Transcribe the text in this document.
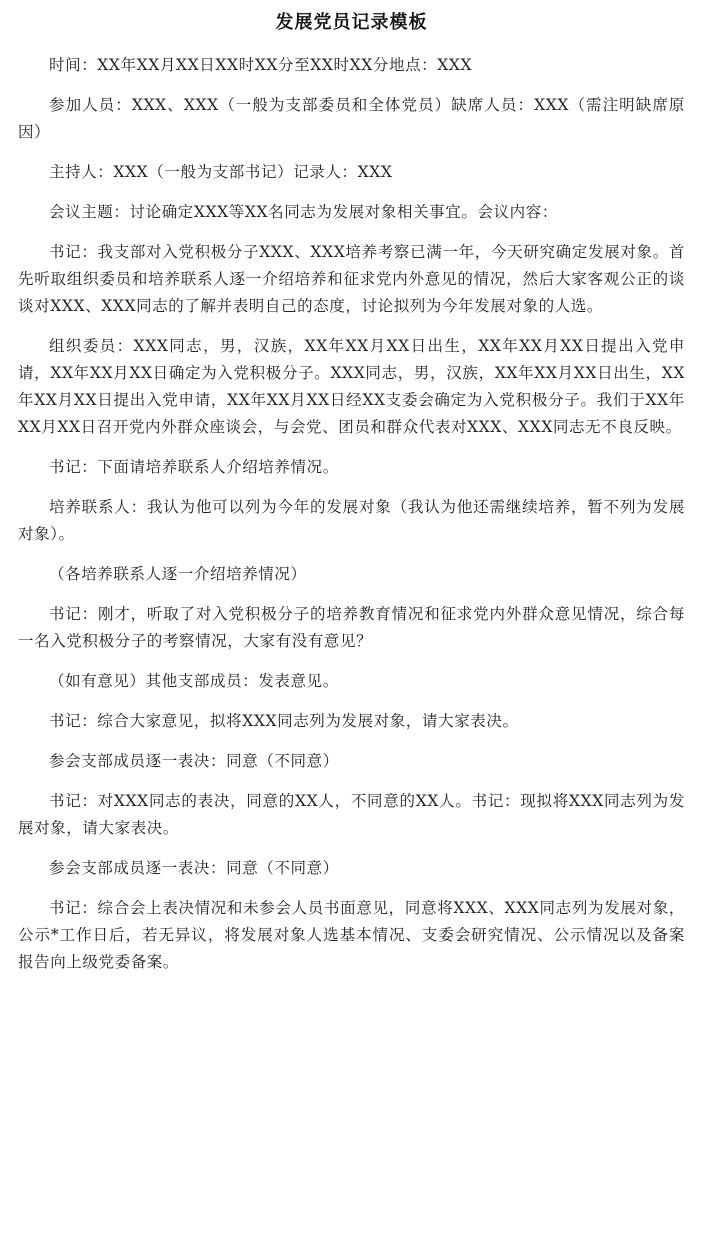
发展党员记录模板

时间：XX年XX月XX日XX时XX分至XX时XX分地点：XXX

参加人员：XXX、XXX（一般为支部委员和全体党员）缺席人员：XXX（需注明缺席原因）

主持人：XXX（一般为支部书记）记录人：XXX

会议主题：讨论确定XXX等XX名同志为发展对象相关事宜。会议内容：

书记：我支部对入党积极分子XXX、XXX培养考察已满一年，今天研究确定发展对象。首先听取组织委员和培养联系人逐一介绍培养和征求党内外意见的情况，然后大家客观公正的谈谈对XXX、XXX同志的了解并表明自己的态度，讨论拟列为今年发展对象的人选。

组织委员：XXX同志，男，汉族，XX年XX月XX日出生，XX年XX月XX日提出入党申请，XX年XX月XX日确定为入党积极分子。XXX同志，男，汉族，XX年XX月XX日出生，XX年XX月XX日提出入党申请，XX年XX月XX日经XX支委会确定为入党积极分子。我们于XX年XX月XX日召开党内外群众座谈会，与会党、团员和群众代表对XXX、XXX同志无不良反映。

书记：下面请培养联系人介绍培养情况。

培养联系人：我认为他可以列为今年的发展对象（我认为他还需继续培养，暂不列为发展对象）。

（各培养联系人逐一介绍培养情况）

书记：刚才，听取了对入党积极分子的培养教育情况和征求党内外群众意见情况，综合每一名入党积极分子的考察情况，大家有没有意见？

（如有意见）其他支部成员：发表意见。

书记：综合大家意见，拟将XXX同志列为发展对象，请大家表决。

参会支部成员逐一表决：同意（不同意）

书记：对XXX同志的表决，同意的XX人，不同意的XX人。书记：现拟将XXX同志列为发展对象，请大家表决。

参会支部成员逐一表决：同意（不同意）

书记：综合会上表决情况和未参会人员书面意见，同意将XXX、XXX同志列为发展对象，公示*工作日后，若无异议，将发展对象人选基本情况、支委会研究情况、公示情况以及备案报告向上级党委备案。
